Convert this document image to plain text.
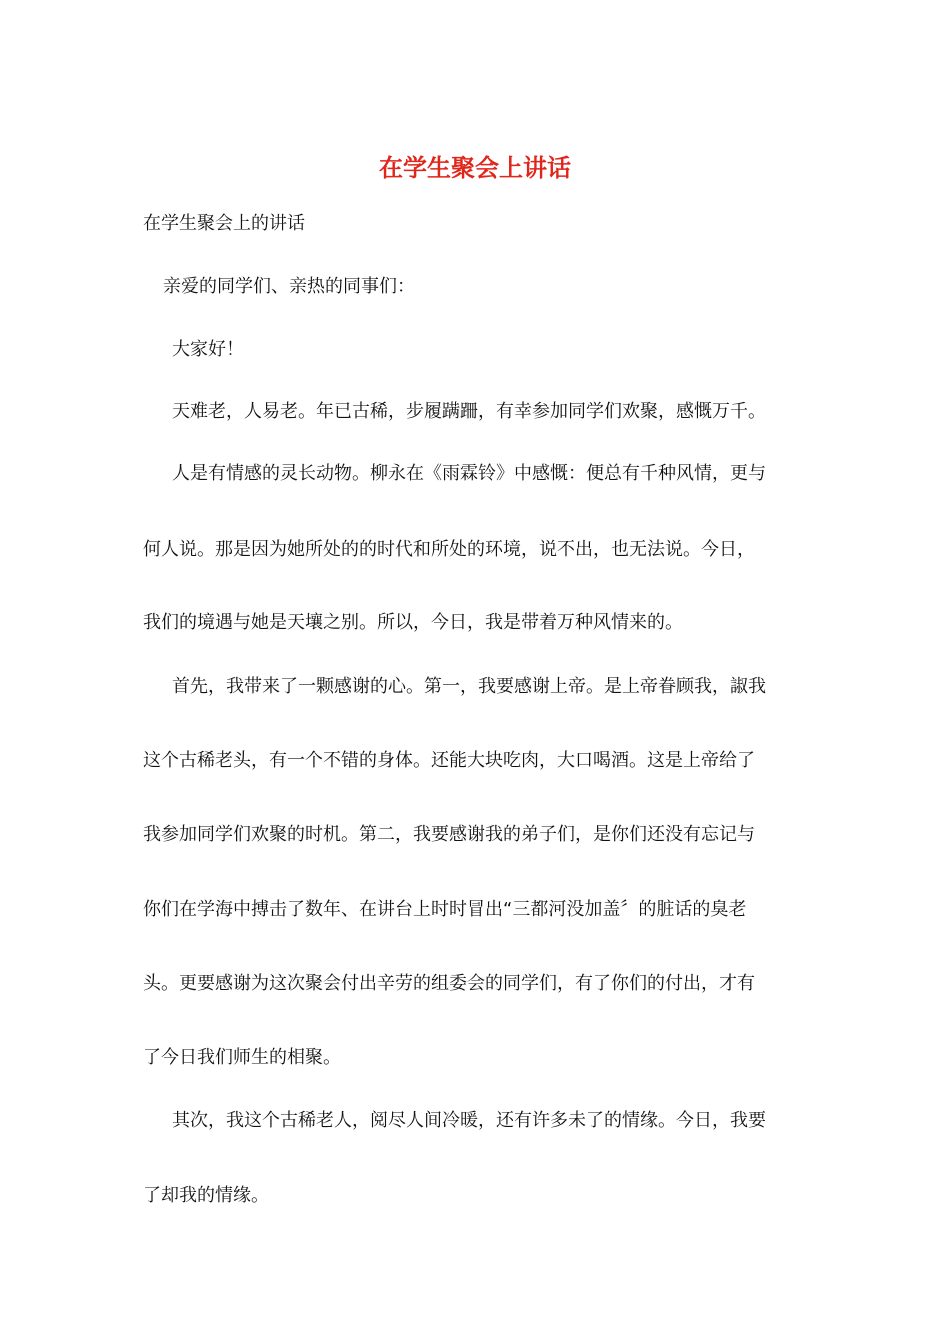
在学生聚会上讲话
在学生聚会上的讲话
亲爱的同学们、亲热的同事们：
大家好！
天难老，人易老。年已古稀，步履蹒跚，有幸参加同学们欢聚，感慨万千。
人是有情感的灵长动物。柳永在《雨霖铃》中感慨：便总有千种风情，更与
何人说。那是因为她所处的的时代和所处的环境，说不出，也无法说。今日，
我们的境遇与她是天壤之别。所以，今日，我是带着万种风情来的。
首先，我带来了一颗感谢的心。第一，我要感谢上帝。是上帝眷顾我，諔我
这个古稀老头，有一个不错的身体。还能大块吃肉，大口喝酒。这是上帝给了
我参加同学们欢聚的时机。第二，我要感谢我的弟子们，是你们还没有忘记与
你们在学海中搏击了数年、在讲台上时时冒出“三都河没加盖〞的脏话的臭老
头。更要感谢为这次聚会付出辛劳的组委会的同学们，有了你们的付出，才有
了今日我们师生的相聚。
其次，我这个古稀老人，阅尽人间冷暖，还有许多未了的情缘。今日，我要
了却我的情缘。
